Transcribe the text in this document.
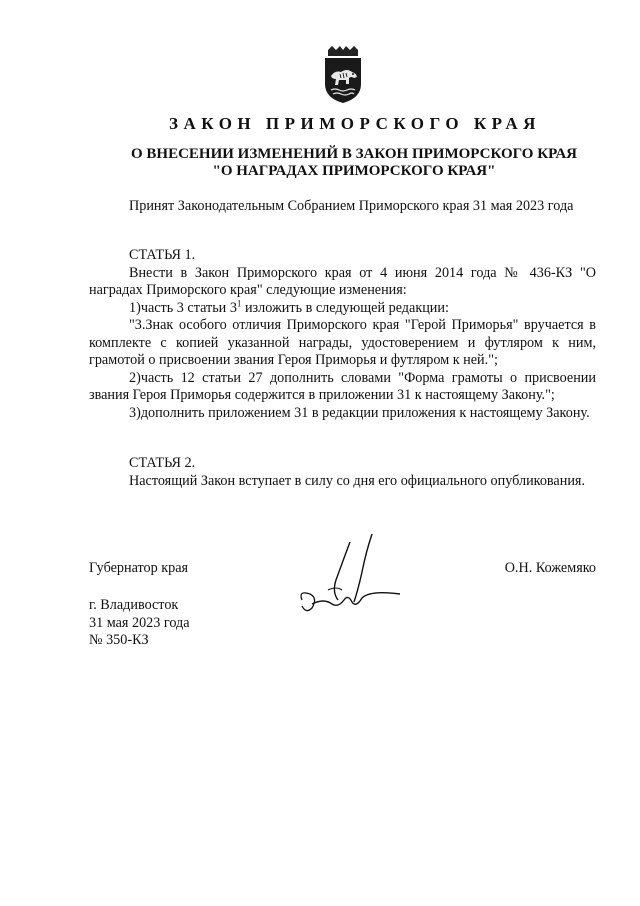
ЗАКОН ПРИМОРСКОГО КРАЯ
О ВНЕСЕНИИ ИЗМЕНЕНИЙ В ЗАКОН ПРИМОРСКОГО КРАЯ
"О НАГРАДАХ ПРИМОРСКОГО КРАЯ"

Принят Законодательным Собранием Приморского края 31 мая 2023 года

СТАТЬЯ 1.

Внести в Закон Приморского края от 4 июня 2014 года № 436-КЗ "О наградах Приморского края" следующие изменения:

1)часть 3 статьи $3^1$ изложить в следующей редакции:

"3.Знак особого отличия Приморского края "Герой Приморья" вручается в комплекте с копией указанной награды, удостоверением и футляром к ним, грамотой о присвоении звания Героя Приморья и футляром к ней.";

2)часть 12 статьи 27 дополнить словами "Форма грамоты о присвоении звания Героя Приморья содержится в приложении 31 к настоящему Закону.";

3)дополнить приложением 31 в редакции приложения к настоящему Закону.

СТАТЬЯ 2.

Настоящий Закон вступает в силу со дня его официального опубликования.

Губернатор края	О.Н. Кожемяко

г. Владивосток
31 мая 2023 года
№ 350-КЗ
